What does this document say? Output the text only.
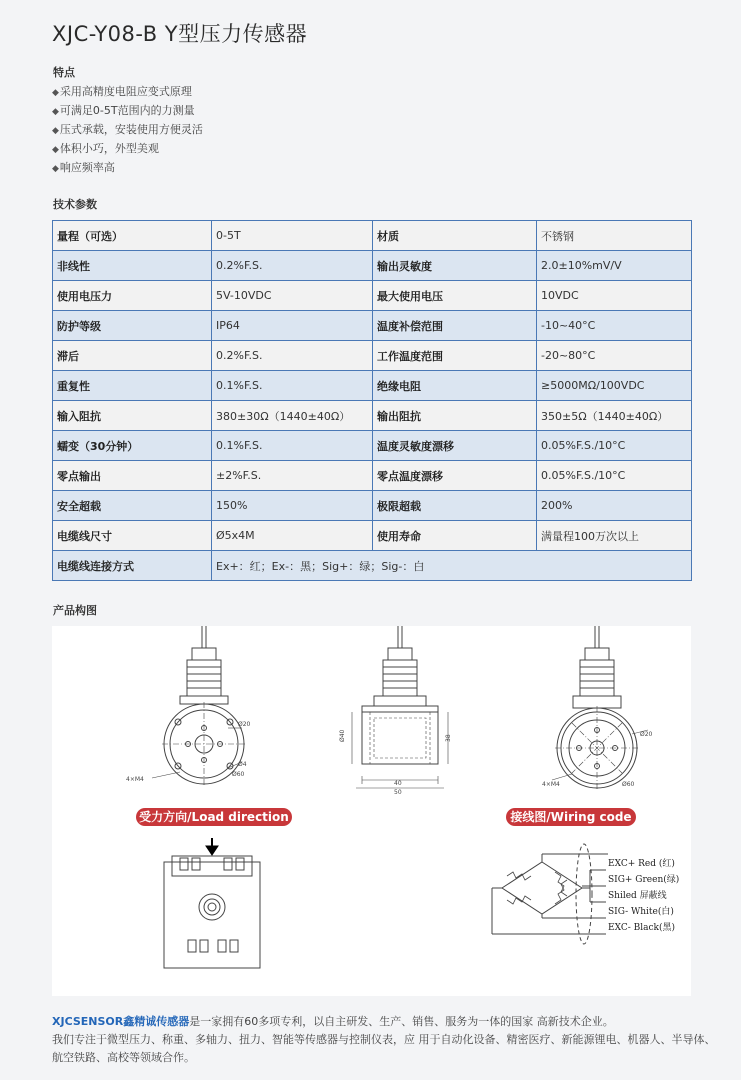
XJC-Y08-B Y型压力传感器
特点
◆采用高精度电阻应变式原理
◆可满足0-5T范围内的力测量
◆压式承载，安装使用方便灵活
◆体积小巧，外型美观
◆响应频率高
技术参数
量程（可选）	0-5T	材质	不锈钢
非线性	0.2%F.S.	输出灵敏度	2.0±10%mV/V
使用电压力	5V-10VDC	最大使用电压	10VDC
防护等级	IP64	温度补偿范围	-10~40°C
滞后	0.2%F.S.	工作温度范围	-20~80°C
重复性	0.1%F.S.	绝缘电阻	≥5000MΩ/100VDC
输入阻抗	380±30Ω（1440±40Ω）	输出阻抗	350±5Ω（1440±40Ω）
蠕变（30分钟）	0.1%F.S.	温度灵敏度漂移	0.05%F.S./10°C
零点输出	±2%F.S.	零点温度漂移	0.05%F.S./10°C
安全超载	150%	极限超载	200%
电缆线尺寸	Ø5x4M	使用寿命	满量程100万次以上
电缆线连接方式	Ex+：红；Ex-：黑；Sig+：绿；Sig-：白		
产品构图
Ø20
Ø4
4×M4
Ø60
Ø40	38
40
50
Ø20
4×M4	Ø60
受力方向/Load direction	接线图/Wiring code
EXC+ Red (红)
SIG+ Green(绿)
Shiled 屏蔽线
SIG- White(白)
EXC- Black(黑)
XJCSENSOR鑫精诚传感器是一家拥有60多项专利，以自主研发、生产、销售、服务为一体的国家 高新技术企业。
我们专注于微型压力、称重、多轴力、扭力、智能等传感器与控制仪表，应 用于自动化设备、精密医疗、新能源锂电、机器人、半导体、
航空铁路、高校等领域合作。
